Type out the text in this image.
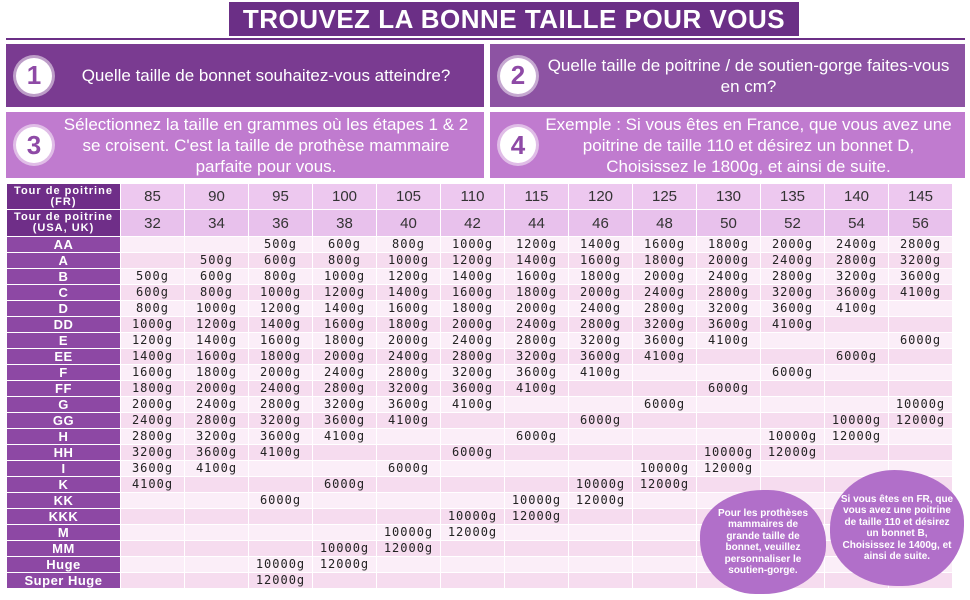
TROUVEZ LA BONNE TAILLE POUR VOUS
1	Quelle taille de bonnet souhaitez-vous atteindre?	2	Quelle taille de poitrine / de soutien-gorge faites-vous en cm?
3
Sélectionnez la taille en grammes où les étapes 1 & 2 se croisent. C'est la taille de prothèse mammaire parfaite pour vous.
4
Exemple : Si vous êtes en France, que vous avez une poitrine de taille 110 et désirez un bonnet D, Choisissez le 1800g, et ainsi de suite.
Tour de poitrine (FR)	85	90	95	100	105	110	115	120	125	130	135	140	145
Tour de poitrine (USA, UK)	32	34	36	38	40	42	44	46	48	50	52	54	56
AA			500g	600g	800g	1000g	1200g	1400g	1600g	1800g	2000g	2400g	2800g
A		500g	600g	800g	1000g	1200g	1400g	1600g	1800g	2000g	2400g	2800g	3200g
B	500g	600g	800g	1000g	1200g	1400g	1600g	1800g	2000g	2400g	2800g	3200g	3600g
C	600g	800g	1000g	1200g	1400g	1600g	1800g	2000g	2400g	2800g	3200g	3600g	4100g
D	800g	1000g	1200g	1400g	1600g	1800g	2000g	2400g	2800g	3200g	3600g	4100g	
DD	1000g	1200g	1400g	1600g	1800g	2000g	2400g	2800g	3200g	3600g	4100g		
E	1200g	1400g	1600g	1800g	2000g	2400g	2800g	3200g	3600g	4100g			6000g
EE	1400g	1600g	1800g	2000g	2400g	2800g	3200g	3600g	4100g			6000g	
F	1600g	1800g	2000g	2400g	2800g	3200g	3600g	4100g			6000g		
FF	1800g	2000g	2400g	2800g	3200g	3600g	4100g			6000g			
G	2000g	2400g	2800g	3200g	3600g	4100g			6000g				10000g
GG	2400g	2800g	3200g	3600g	4100g			6000g				10000g	12000g
H	2800g	3200g	3600g	4100g			6000g				10000g	12000g	
HH	3200g	3600g	4100g			6000g				10000g	12000g		
I	3600g	4100g			6000g				10000g	12000g			
K	4100g			6000g				10000g	12000g				
KK			6000g				10000g	12000g					
KKK						10000g	12000g						
M					10000g	12000g							
MM				10000g	12000g								
Huge			10000g	12000g									
Super Huge			12000g										
Pour les prothèses mammaires de grande taille de bonnet, veuillez personnaliser le soutien-gorge.
Si vous êtes en FR, que vous avez une poitrine de taille 110 et désirez un bonnet B, Choisissez le 1400g, et ainsi de suite.
